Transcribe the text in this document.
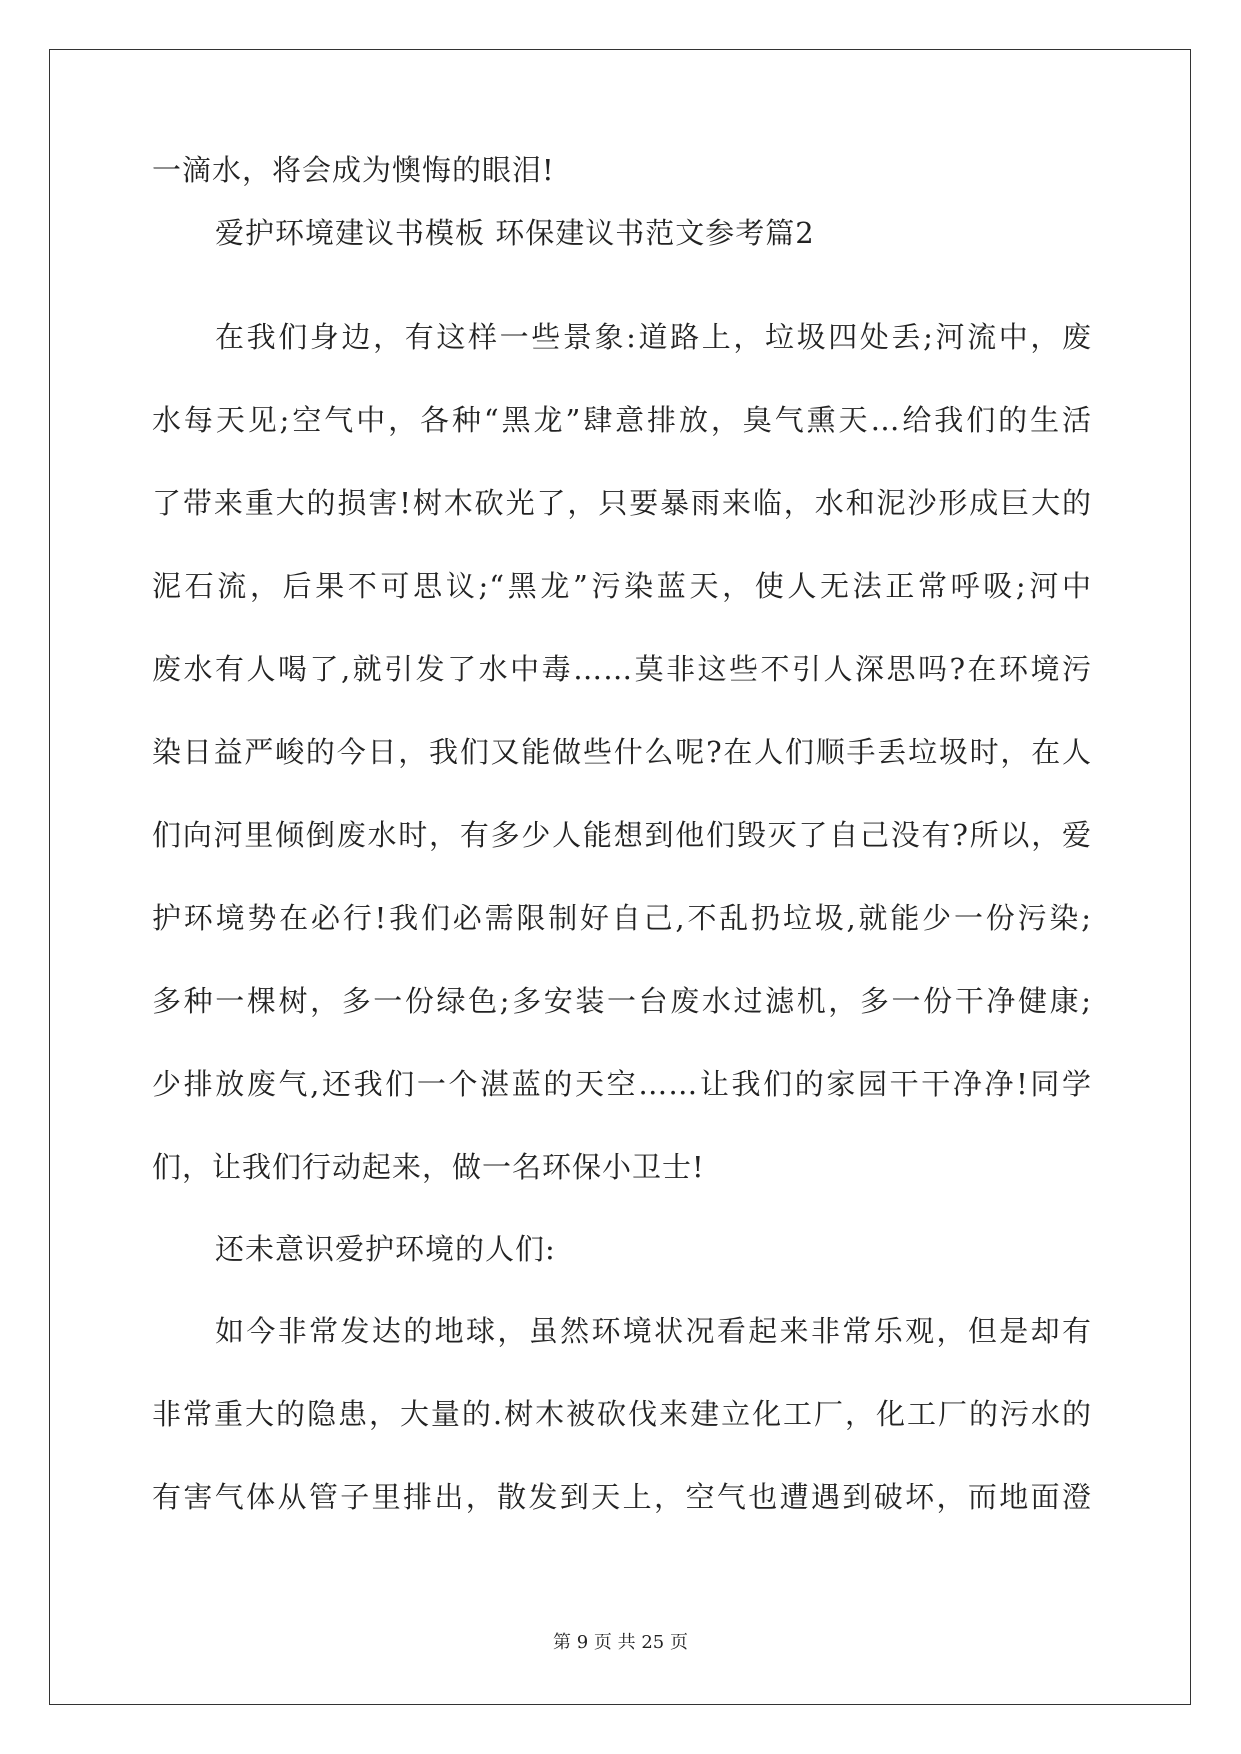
一滴水，将会成为懊悔的眼泪!
爱护环境建议书模板 环保建议书范文参考篇2
在我们身边，有这样一些景象:道路上，垃圾四处丢;河流中，废
水每天见;空气中，各种“黑龙”肆意排放，臭气熏天…给我们的生活
了带来重大的损害!树木砍光了，只要暴雨来临，水和泥沙形成巨大的
泥石流，后果不可思议;“黑龙”污染蓝天，使人无法正常呼吸;河中
废水有人喝了,就引发了水中毒……莫非这些不引人深思吗?在环境污
染日益严峻的今日，我们又能做些什么呢?在人们顺手丢垃圾时，在人
们向河里倾倒废水时，有多少人能想到他们毁灭了自己没有?所以，爱
护环境势在必行!我们必需限制好自己,不乱扔垃圾,就能少一份污染;
多种一棵树，多一份绿色;多安装一台废水过滤机，多一份干净健康;
少排放废气,还我们一个湛蓝的天空……让我们的家园干干净净!同学
们，让我们行动起来，做一名环保小卫士!
还未意识爱护环境的人们:
如今非常发达的地球，虽然环境状况看起来非常乐观，但是却有
非常重大的隐患，大量的.树木被砍伐来建立化工厂，化工厂的污水的
有害气体从管子里排出，散发到天上，空气也遭遇到破坏，而地面澄
第 9 页 共 25 页
